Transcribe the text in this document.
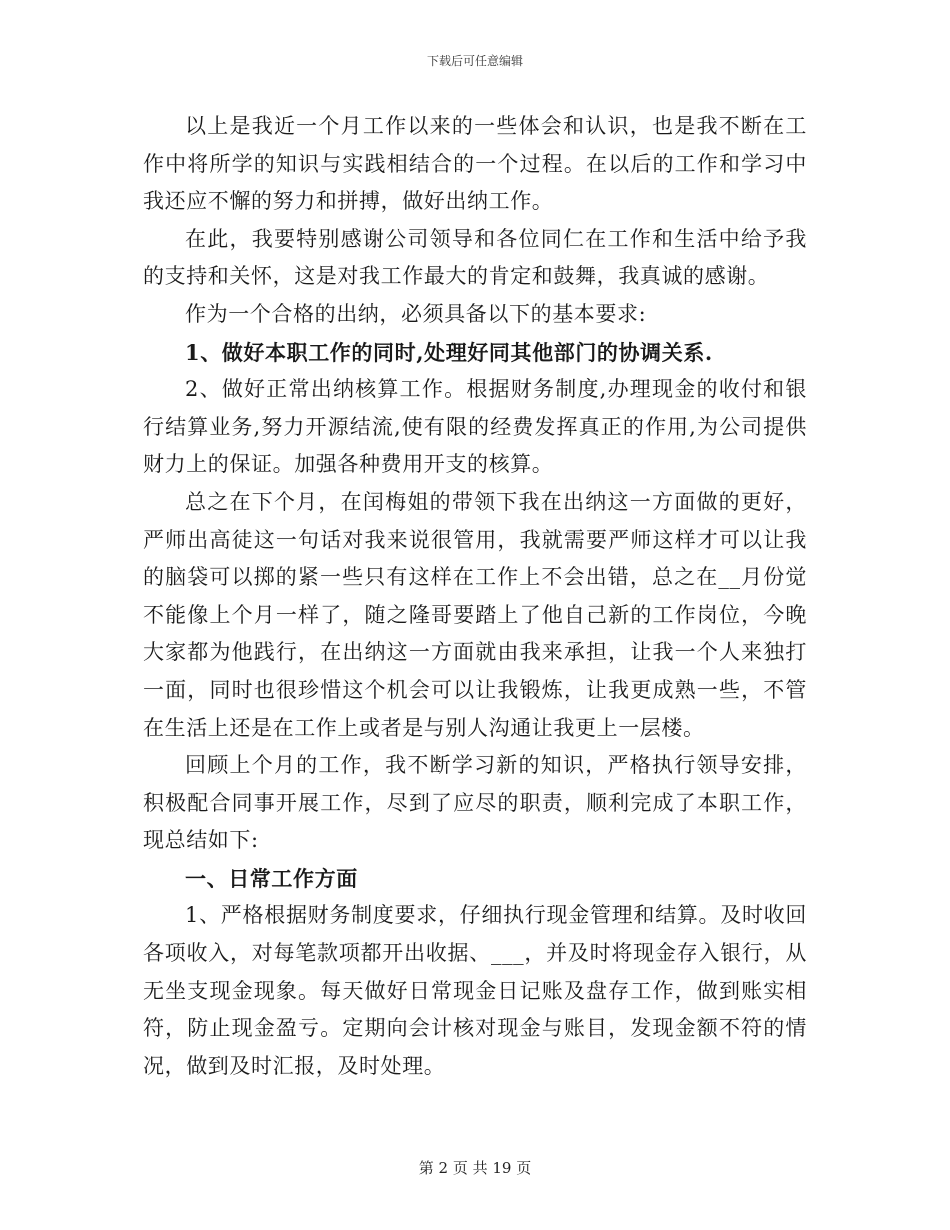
下载后可任意编辑

以上是我近一个月工作以来的一些体会和认识，也是我不断在工作中将所学的知识与实践相结合的一个过程。在以后的工作和学习中我还应不懈的努力和拼搏，做好出纳工作。

在此，我要特别感谢公司领导和各位同仁在工作和生活中给予我的支持和关怀，这是对我工作最大的肯定和鼓舞，我真诚的感谢。

作为一个合格的出纳，必须具备以下的基本要求:

1、做好本职工作的同时,处理好同其他部门的协调关系.

2、做好正常出纳核算工作。根据财务制度,办理现金的收付和银行结算业务,努力开源结流,使有限的经费发挥真正的作用,为公司提供财力上的保证。加强各种费用开支的核算。

总之在下个月，在闰梅姐的带领下我在出纳这一方面做的更好，严师出高徒这一句话对我来说很管用，我就需要严师这样才可以让我的脑袋可以掷的紧一些只有这样在工作上不会出错，总之在__月份觉不能像上个月一样了，随之隆哥要踏上了他自己新的工作岗位，今晚大家都为他践行，在出纳这一方面就由我来承担，让我一个人来独打一面，同时也很珍惜这个机会可以让我锻炼，让我更成熟一些，不管在生活上还是在工作上或者是与别人沟通让我更上一层楼。

回顾上个月的工作，我不断学习新的知识，严格执行领导安排，积极配合同事开展工作，尽到了应尽的职责，顺利完成了本职工作，现总结如下:

一、日常工作方面

1、严格根据财务制度要求，仔细执行现金管理和结算。及时收回各项收入，对每笔款项都开出收据、___，并及时将现金存入银行，从无坐支现金现象。每天做好日常现金日记账及盘存工作，做到账实相符，防止现金盈亏。定期向会计核对现金与账目，发现金额不符的情况，做到及时汇报，及时处理。

第 2 页 共 19 页
